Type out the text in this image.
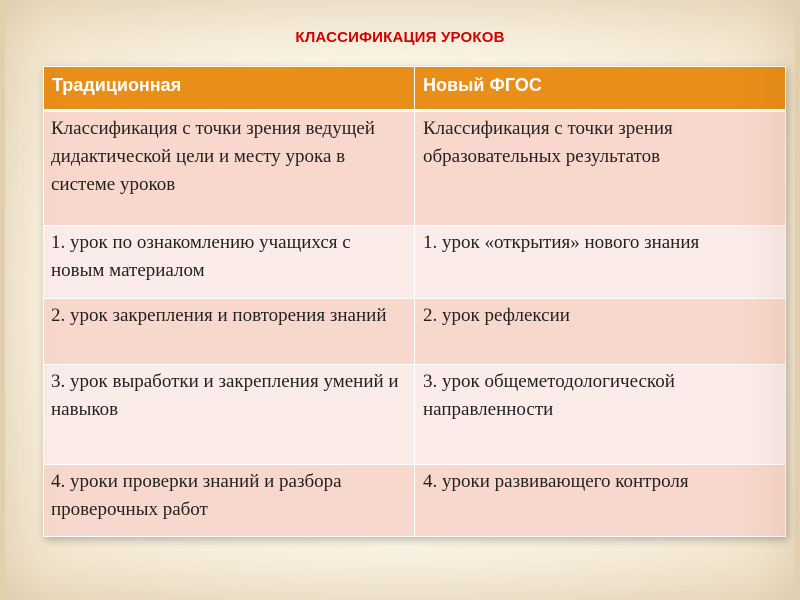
КЛАССИФИКАЦИЯ УРОКОВ
Традиционная	Новый ФГОС
Классификация с точки зрения ведущей дидактической цели и месту урока в системе уроков	Классификация с точки зрения образовательных результатов
1. урок по ознакомлению учащихся с новым материалом	1. урок «открытия» нового знания
2. урок закрепления и повторения знаний	2. урок рефлексии
3. урок выработки и закрепления умений и навыков	3. урок общеметодологической направленности
4. уроки проверки знаний и разбора проверочных работ	4. уроки развивающего контроля
